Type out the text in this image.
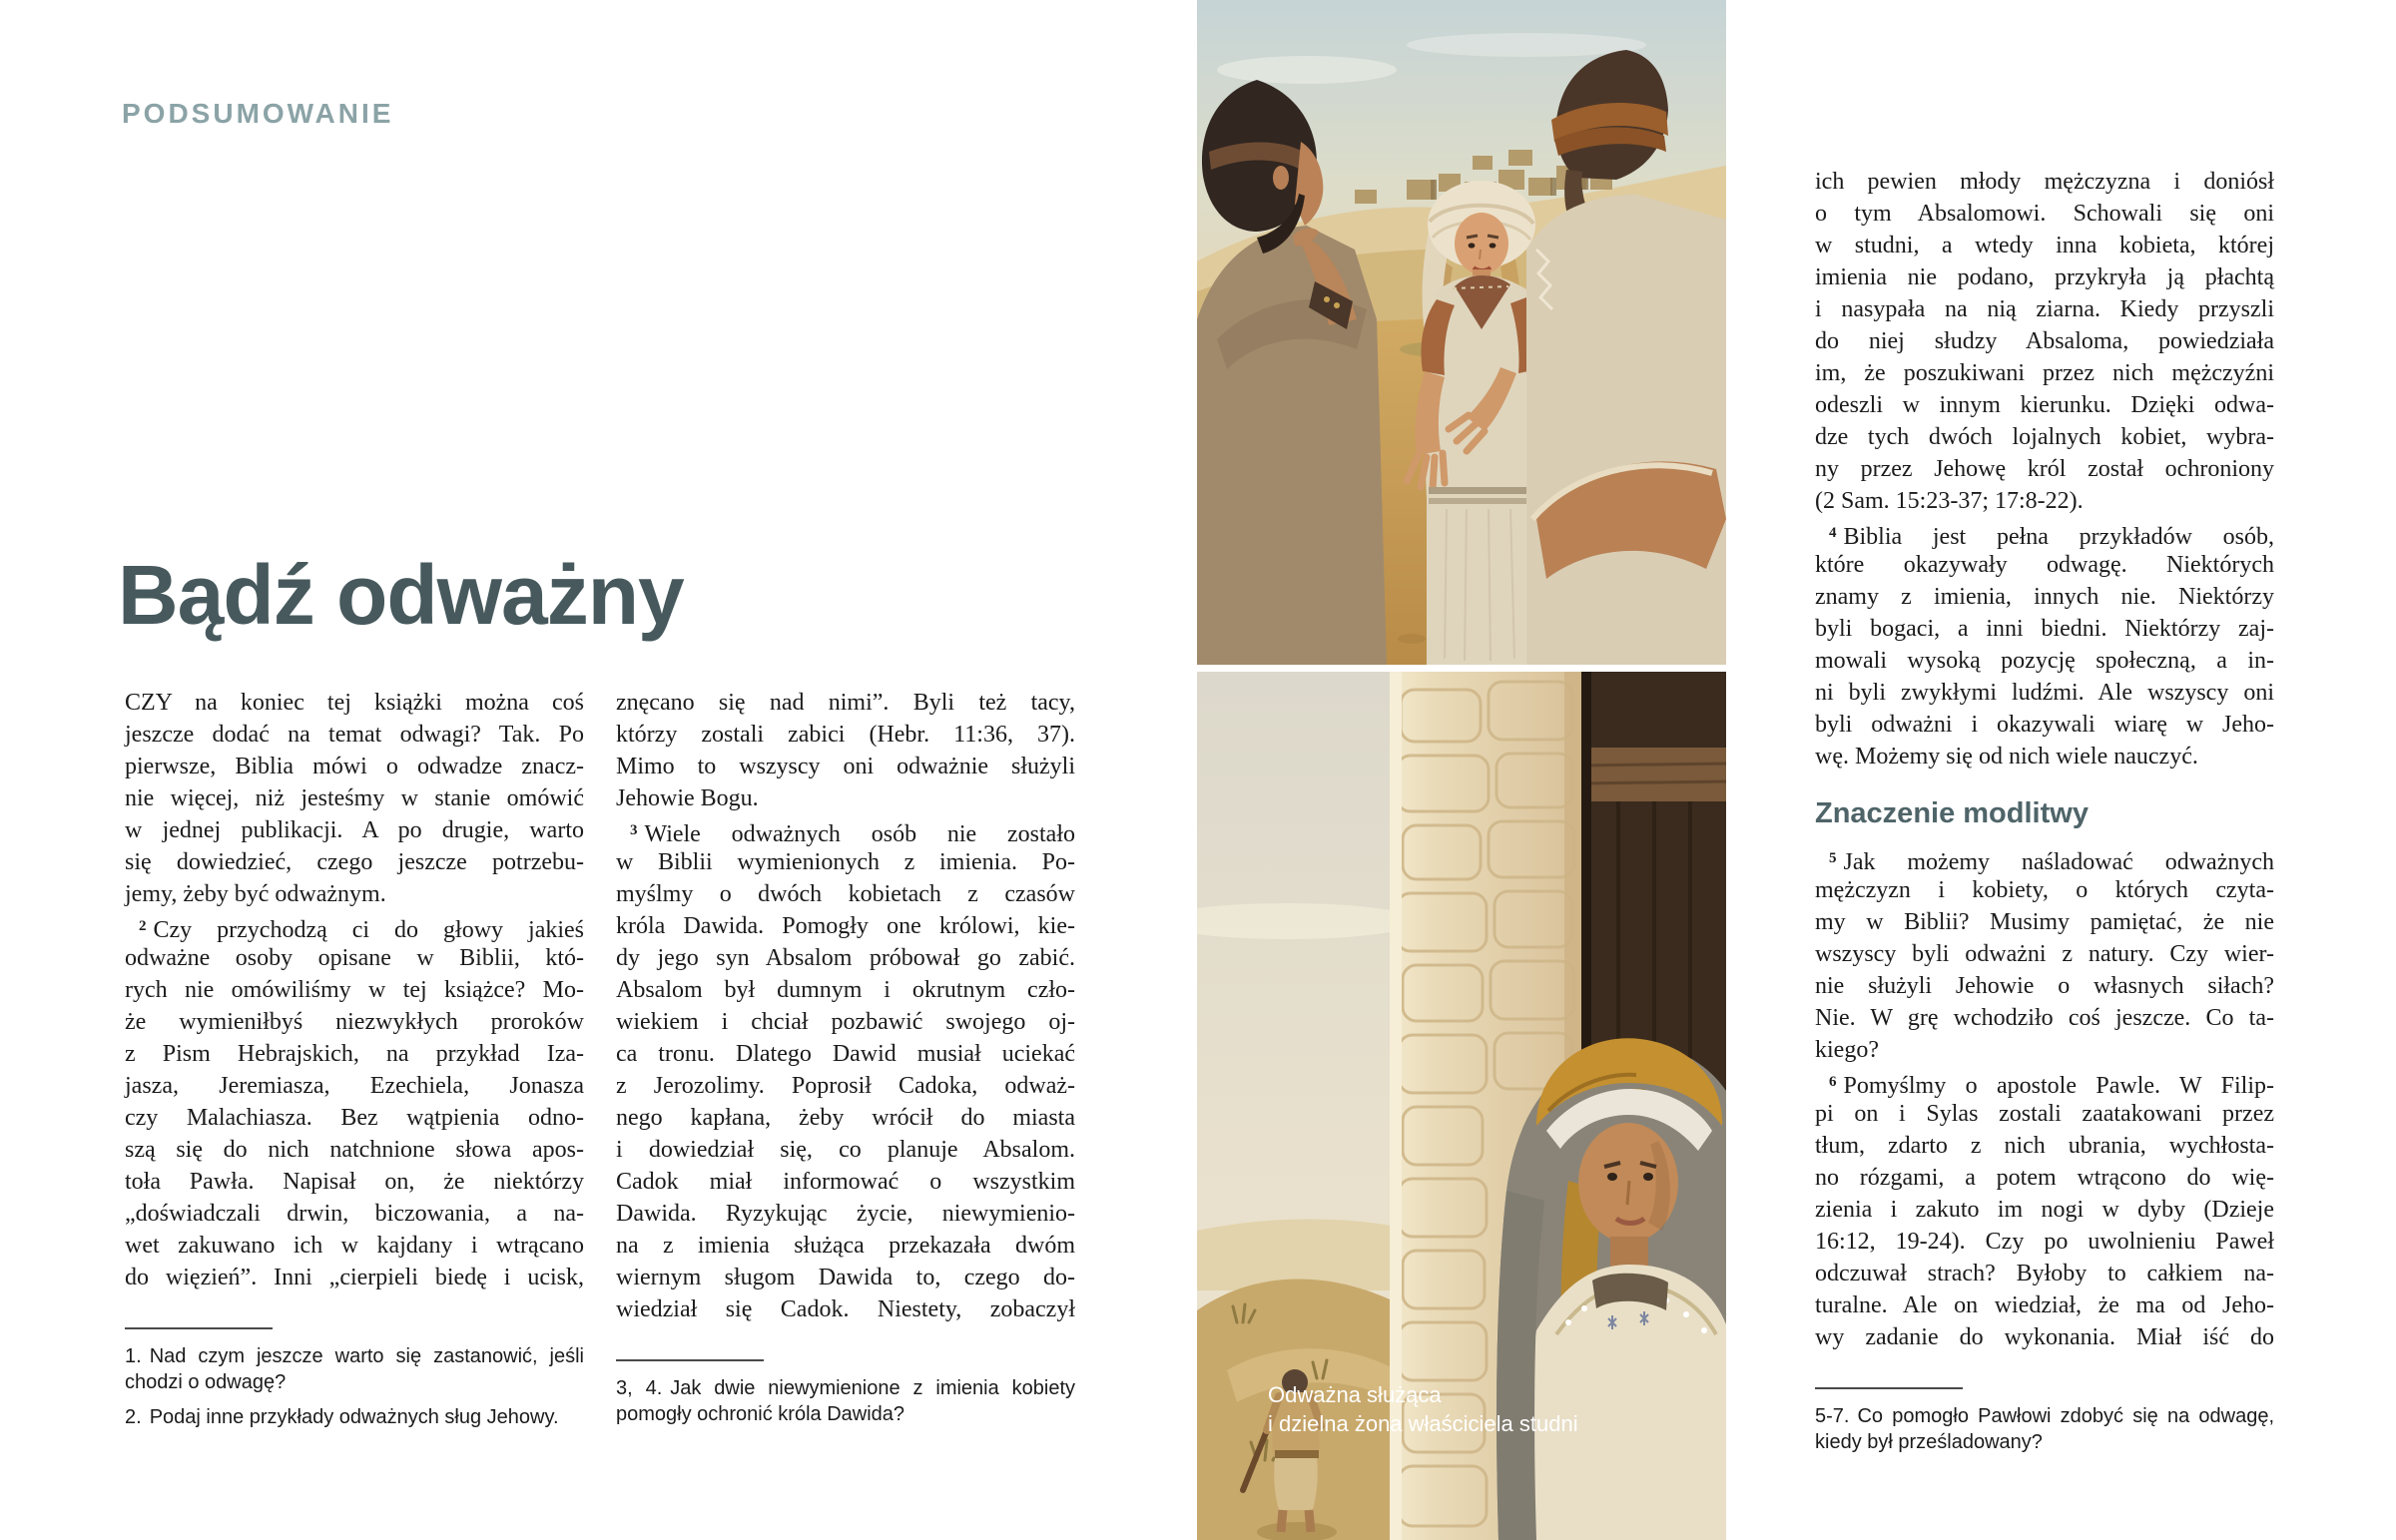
PODSUMOWANIE
Bądź odważny
CZY na koniec tej książki można coś
jeszcze dodać na temat odwagi? Tak. Po
pierwsze, Biblia mówi o odwadze znacz-
nie więcej, niż jesteśmy w stanie omówić
w jednej publikacji. A po drugie, warto
się dowiedzieć, czego jeszcze potrzebu-
jemy, żeby być odważnym.
$^2$ Czy przychodzą ci do głowy jakieś
odważne osoby opisane w Biblii, któ-
rych nie omówiliśmy w tej książce? Mo-
że wymieniłbyś niezwykłych proroków
z Pism Hebrajskich, na przykład Iza-
jasza, Jeremiasza, Ezechiela, Jonasza
czy Malachiasza. Bez wątpienia odno-
szą się do nich natchnione słowa apos-
toła Pawła. Napisał on, że niektórzy
„doświadczali drwin, biczowania, a na-
wet zakuwano ich w kajdany i wtrącano
do więzień”. Inni „cierpieli biedę i ucisk,
1. Nad czym jeszcze warto się zastanowić, jeśli chodzi o odwagę?
2. Podaj inne przykłady odważnych sług Jehowy.
znęcano się nad nimi”. Byli też tacy,
którzy zostali zabici (Hebr. 11:36, 37).
Mimo to wszyscy oni odważnie służyli
Jehowie Bogu.
$^3$ Wiele odważnych osób nie zostało
w Biblii wymienionych z imienia. Po-
myślmy o dwóch kobietach z czasów
króla Dawida. Pomogły one królowi, kie-
dy jego syn Absalom próbował go zabić.
Absalom był dumnym i okrutnym czło-
wiekiem i chciał pozbawić swojego oj-
ca tronu. Dlatego Dawid musiał uciekać
z Jerozolimy. Poprosił Cadoka, odważ-
nego kapłana, żeby wrócił do miasta
i dowiedział się, co planuje Absalom.
Cadok miał informować o wszystkim
Dawida. Ryzykując życie, niewymienio-
na z imienia służąca przekazała dwóm
wiernym sługom Dawida to, czego do-
wiedział się Cadok. Niestety, zobaczył
3, 4. Jak dwie niewymienione z imienia kobiety pomogły ochronić króla Dawida?
ich pewien młody mężczyzna i doniósł
o tym Absalomowi. Schowali się oni
w studni, a wtedy inna kobieta, której
imienia nie podano, przykryła ją płachtą
i nasypała na nią ziarna. Kiedy przyszli
do niej słudzy Absaloma, powiedziała
im, że poszukiwani przez nich mężczyźni
odeszli w innym kierunku. Dzięki odwa-
dze tych dwóch lojalnych kobiet, wybra-
ny przez Jehowę król został ochroniony
(2 Sam. 15:23-37; 17:8-22).
$^4$ Biblia jest pełna przykładów osób,
które okazywały odwagę. Niektórych
znamy z imienia, innych nie. Niektórzy
byli bogaci, a inni biedni. Niektórzy zaj-
mowali wysoką pozycję społeczną, a in-
ni byli zwykłymi ludźmi. Ale wszyscy oni
byli odważni i okazywali wiarę w Jeho-
wę. Możemy się od nich wiele nauczyć.
Znaczenie modlitwy
$^5$ Jak możemy naśladować odważnych
mężczyzn i kobiety, o których czyta-
my w Biblii? Musimy pamiętać, że nie
wszyscy byli odważni z natury. Czy wier-
nie służyli Jehowie o własnych siłach?
Nie. W grę wchodziło coś jeszcze. Co ta-
kiego?
$^6$ Pomyślmy o apostole Pawle. W Filip-
pi on i Sylas zostali zaatakowani przez
tłum, zdarto z nich ubrania, wychłosta-
no rózgami, a potem wtrącono do wię-
zienia i zakuto im nogi w dyby (Dzieje
16:12, 19-24). Czy po uwolnieniu Paweł
odczuwał strach? Byłoby to całkiem na-
turalne. Ale on wiedział, że ma od Jeho-
wy zadanie do wykonania. Miał iść do
5-7. Co pomogło Pawłowi zdobyć się na odwagę, kiedy był prześladowany?
Odważna służąca
i dzielna żona właściciela studni
